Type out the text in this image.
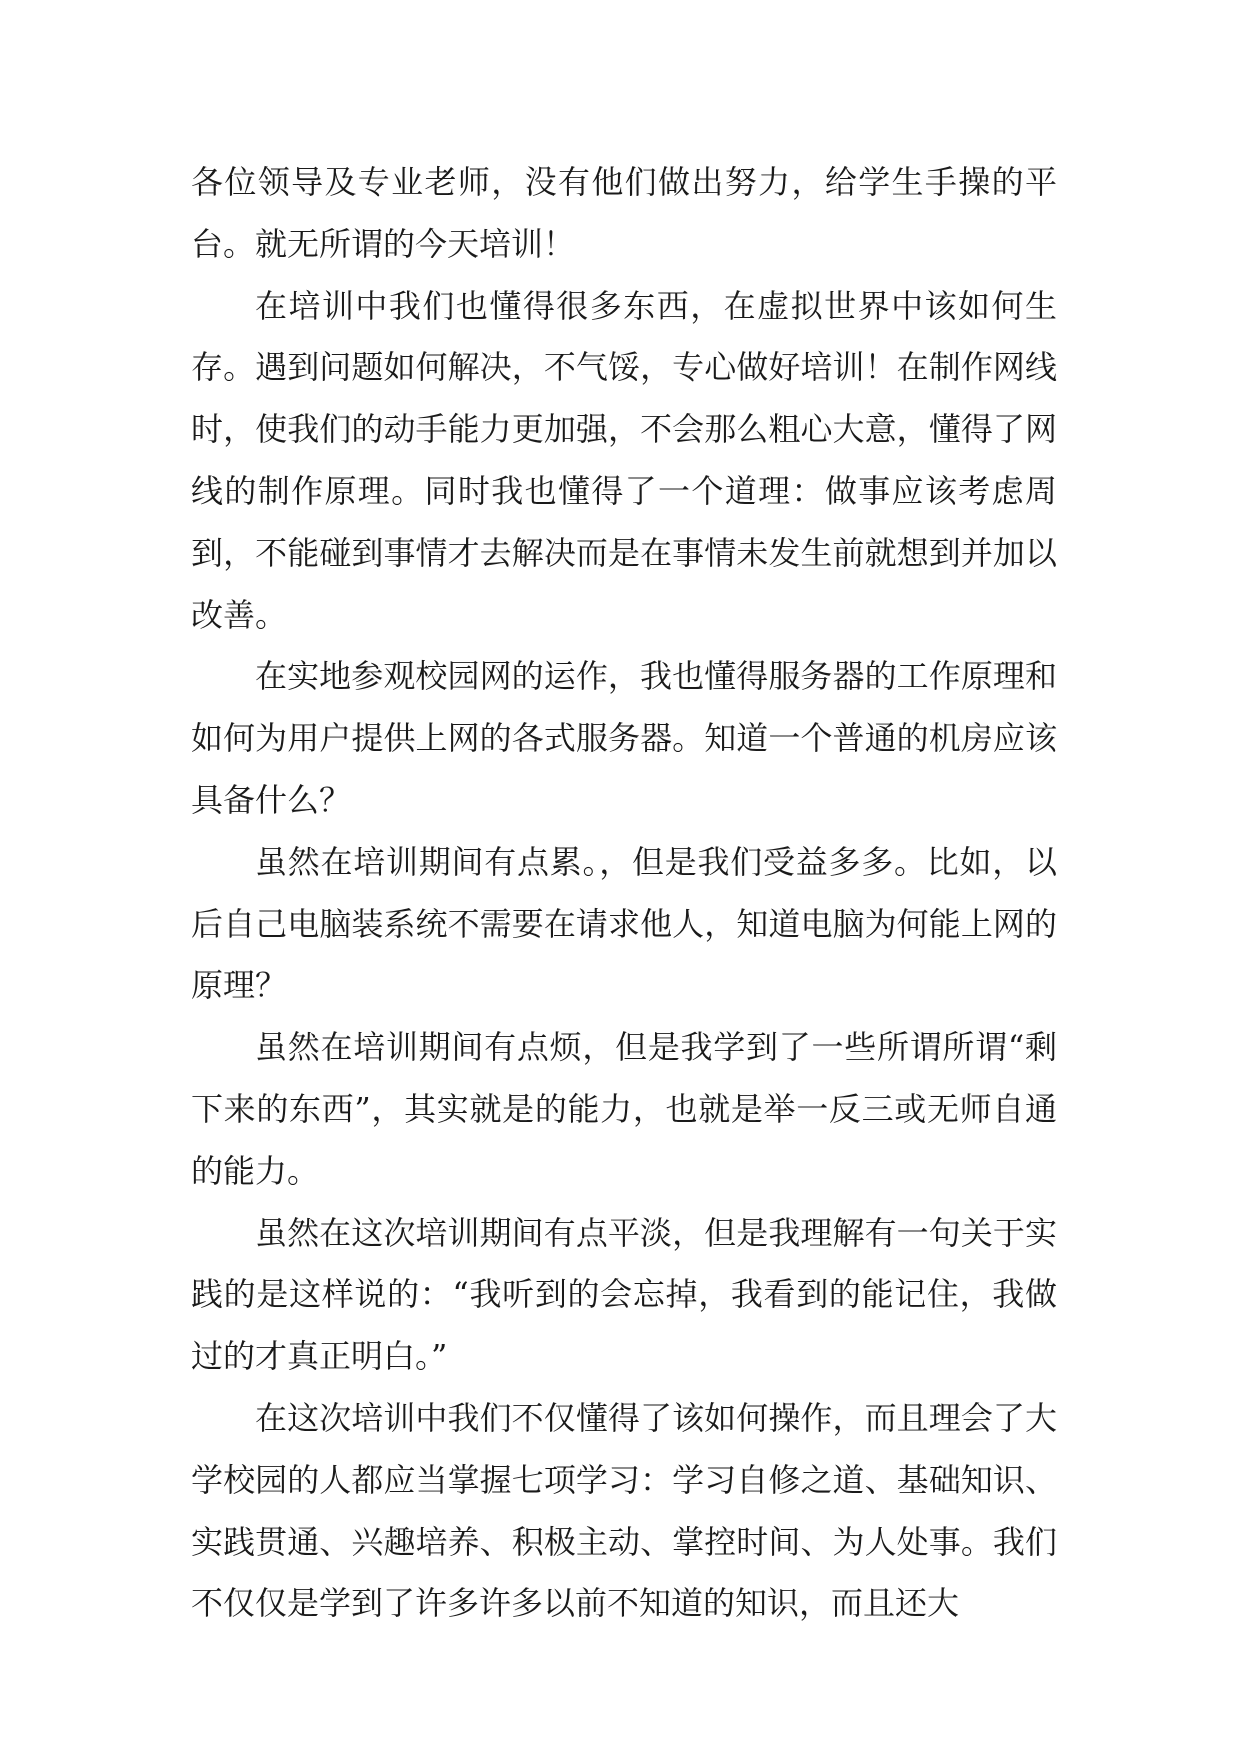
各位领导及专业老师，没有他们做出努力，给学生手操的平台。就无所谓的今天培训！

在培训中我们也懂得很多东西，在虚拟世界中该如何生存。遇到问题如何解决，不气馁，专心做好培训！在制作网线时，使我们的动手能力更加强，不会那么粗心大意，懂得了网线的制作原理。同时我也懂得了一个道理：做事应该考虑周到，不能碰到事情才去解决而是在事情未发生前就想到并加以改善。

在实地参观校园网的运作，我也懂得服务器的工作原理和如何为用户提供上网的各式服务器。知道一个普通的机房应该具备什么？

虽然在培训期间有点累。，但是我们受益多多。比如，以后自己电脑装系统不需要在请求他人，知道电脑为何能上网的原理？

虽然在培训期间有点烦，但是我学到了一些所谓所谓“剩下来的东西”，其实就是的能力，也就是举一反三或无师自通的能力。

虽然在这次培训期间有点平淡，但是我理解有一句关于实践的是这样说的：“我听到的会忘掉，我看到的能记住，我做过的才真正明白。”

在这次培训中我们不仅懂得了该如何操作，而且理会了大学校园的人都应当掌握七项学习：学习自修之道、基础知识、实践贯通、兴趣培养、积极主动、掌控时间、为人处事。我们不仅仅是学到了许多许多以前不知道的知识，而且还大
